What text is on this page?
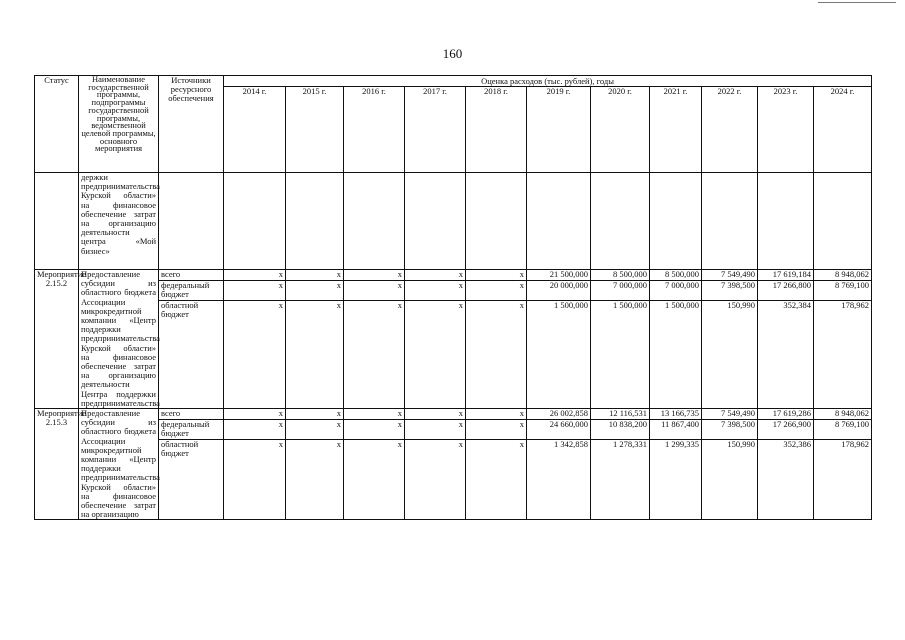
160
Статус	Наименование государственной программы, подпрограммы государственной программы, ведомственной целевой программы, основного мероприятия	Источники ресурсного обеспечения	Оценка расходов (тыс. рублей), годы										
			2014 г.	2015 г.	2016 г.	2017 г.	2018 г.	2019 г.	2020 г.	2021 г.	2022 г.	2023 г.	2024 г.
	держки предпринимательства Курской области» на финансовое обеспечение затрат на организацию деятельности центра «Мой бизнес»												
Мероприятие 2.15.2	Предоставление субсидии из областного бюджета Ассоциации микрокредитной компании «Центр поддержки предпринимательства Курской области» на финансовое обеспечение затрат на организацию деятельности Центра поддержки предпринимательства	всего	x	x	x	x	x	21 500,000	8 500,000	8 500,000	7 549,490	17 619,184	8 948,062
		федеральный бюджет	x	x	x	x	x	20 000,000	7 000,000	7 000,000	7 398,500	17 266,800	8 769,100
		областной бюджет	x	x	x	x	x	1 500,000	1 500,000	1 500,000	150,990	352,384	178,962
Мероприятие 2.15.3	Предоставление субсидии из областного бюджета Ассоциации микрокредитной компании «Центр поддержки предпринимательства Курской области» на финансовое обеспечение затрат на организацию	всего	x	x	x	x	x	26 002,858	12 116,531	13 166,735	7 549,490	17 619,286	8 948,062
		федеральный бюджет	x	x	x	x	x	24 660,000	10 838,200	11 867,400	7 398,500	17 266,900	8 769,100
		областной бюджет	x	x	x	x	x	1 342,858	1 278,331	1 299,335	150,990	352,386	178,962
